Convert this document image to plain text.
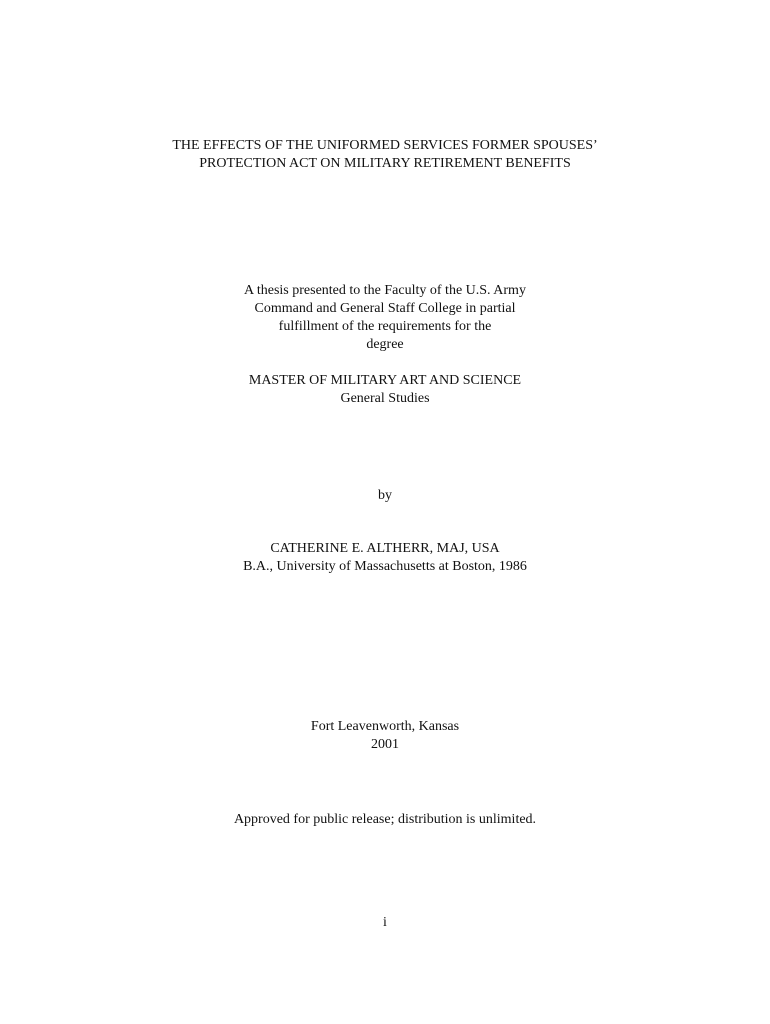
THE EFFECTS OF THE UNIFORMED SERVICES FORMER SPOUSES’
PROTECTION ACT ON MILITARY RETIREMENT BENEFITS
A thesis presented to the Faculty of the U.S. Army
Command and General Staff College in partial
fulfillment of the requirements for the
degree
MASTER OF MILITARY ART AND SCIENCE
General Studies
by
CATHERINE E. ALTHERR, MAJ, USA
B.A., University of Massachusetts at Boston, 1986
Fort Leavenworth, Kansas
2001
Approved for public release; distribution is unlimited.
i
